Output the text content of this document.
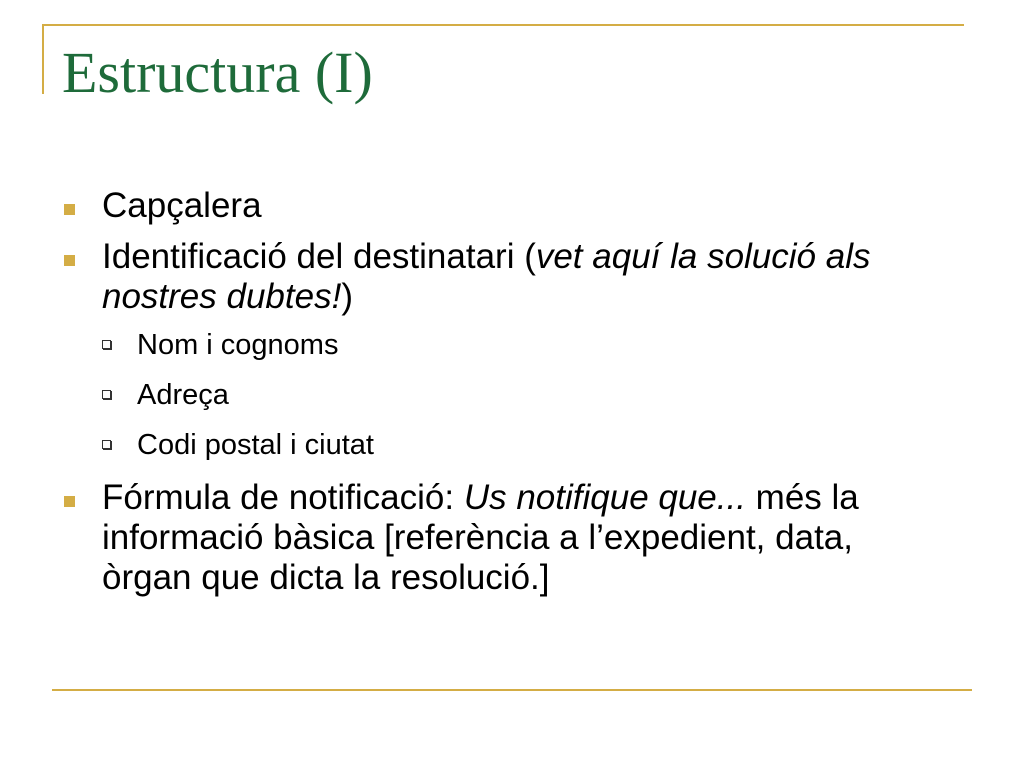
Estructura (I)
Capçalera
Identificació del destinatari (vet aquí la solució als nostres dubtes!)
Nom i cognoms
Adreça
Codi postal i ciutat
Fórmula de notificació: Us notifique que... més la informació bàsica [referència a l’expedient, data, òrgan que dicta la resolució.]
